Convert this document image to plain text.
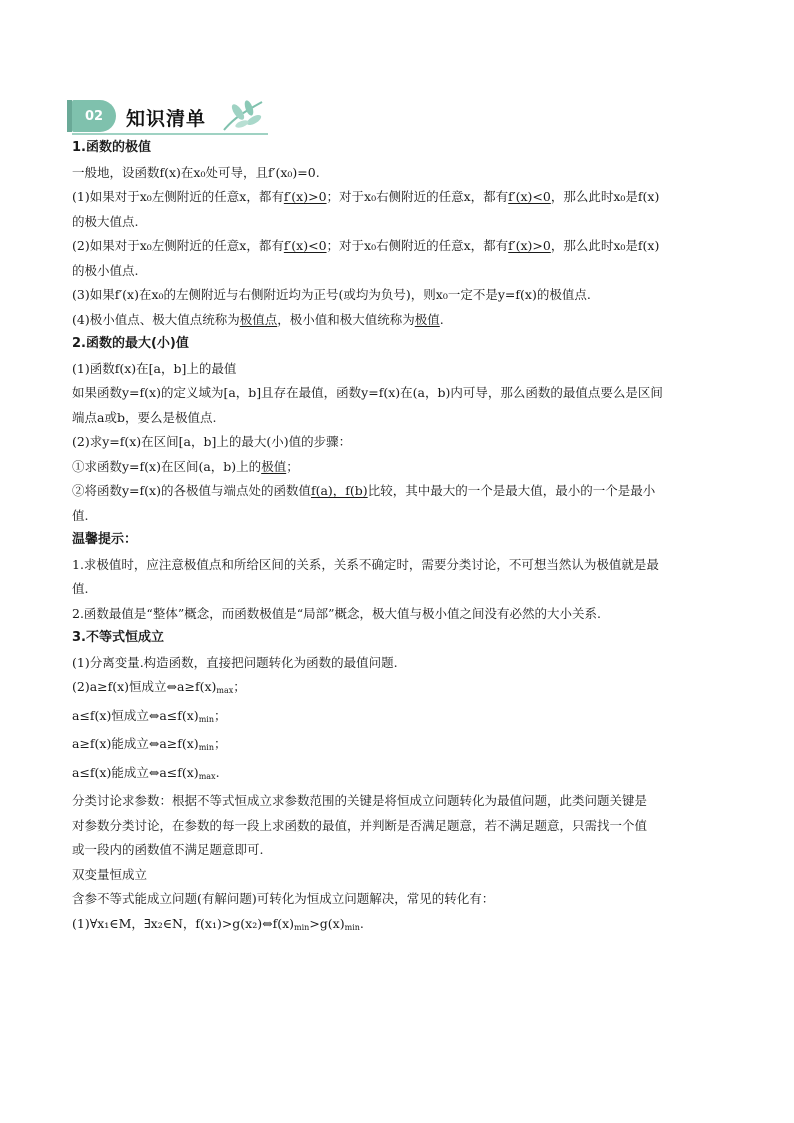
02	知识清单
1.函数的极值
一般地，设函数f(x)在x₀处可导，且f′(x₀)=0.
(1)如果对于x₀左侧附近的任意x，都有f′(x)>0；对于x₀右侧附近的任意x，都有f′(x)<0，那么此时x₀是f(x)
的极大值点.
(2)如果对于x₀左侧附近的任意x，都有f′(x)<0；对于x₀右侧附近的任意x，都有f′(x)>0，那么此时x₀是f(x)
的极小值点.
(3)如果f′(x)在x₀的左侧附近与右侧附近均为正号(或均为负号)，则x₀一定不是y=f(x)的极值点.
(4)极小值点、极大值点统称为极值点，极小值和极大值统称为极值.
2.函数的最大(小)值
(1)函数f(x)在[a，b]上的最值
如果函数y=f(x)的定义域为[a，b]且存在最值，函数y=f(x)在(a，b)内可导，那么函数的最值点要么是区间
端点a或b，要么是极值点.
(2)求y=f(x)在区间[a，b]上的最大(小)值的步骤：
①求函数y=f(x)在区间(a，b)上的极值；
②将函数y=f(x)的各极值与端点处的函数值f(a)，f(b)比较，其中最大的一个是最大值，最小的一个是最小
值.
温馨提示：
1.求极值时，应注意极值点和所给区间的关系，关系不确定时，需要分类讨论，不可想当然认为极值就是最
值.
2.函数最值是“整体”概念，而函数极值是“局部”概念，极大值与极小值之间没有必然的大小关系.
3.不等式恒成立
(1)分离变量.构造函数，直接把问题转化为函数的最值问题.
(2)a≥f(x)恒成立$\Leftrightarrow a\ge f(x)_{max}$；
a≤f(x)恒成立$\Leftrightarrow a\le f(x)_{min}$；
a≥f(x)能成立$\Leftrightarrow a\ge f(x)_{min}$；
a≤f(x)能成立$\Leftrightarrow a\le f(x)_{max}$.
分类讨论求参数：根据不等式恒成立求参数范围的关键是将恒成立问题转化为最值问题，此类问题关键是
对参数分类讨论，在参数的每一段上求函数的最值，并判断是否满足题意，若不满足题意，只需找一个值
或一段内的函数值不满足题意即可.
双变量恒成立
含参不等式能成立问题(有解问题)可转化为恒成立问题解决，常见的转化有：
(1)∀x₁∈M，∃x₂∈N，$f(x_1)>g(x_2)\Leftrightarrow f(x)_{min}>g(x)_{min}$.
